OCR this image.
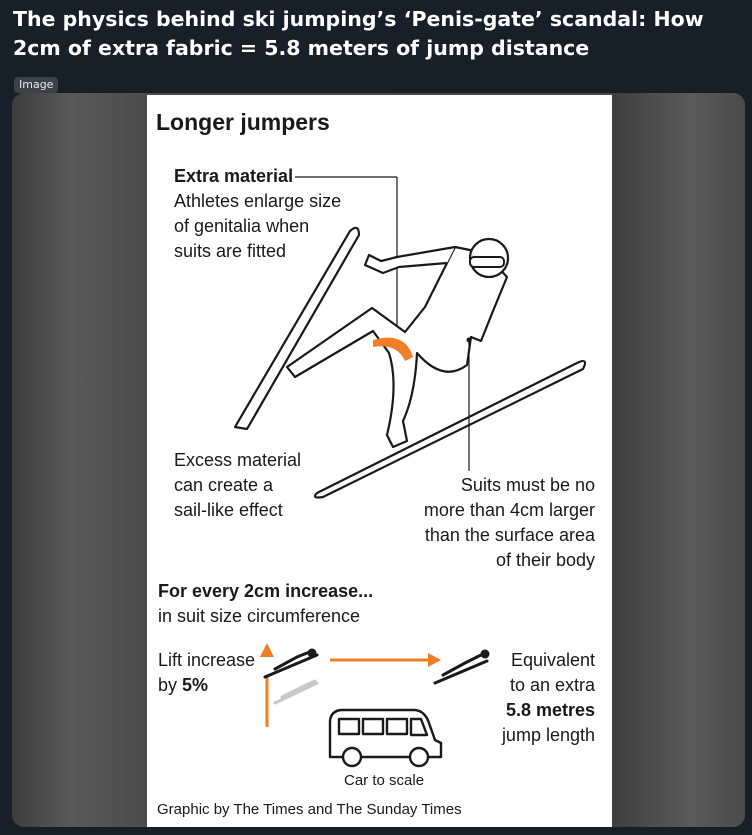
The physics behind ski jumping’s ‘Penis-gate’ scandal: How 2cm of extra fabric = 5.8 meters of jump distance
Image
Longer jumpers
Extra material
Athletes enlarge size
of genitalia when
suits are fitted
Excess material
can create a
sail-like effect
Suits must be no
more than 4cm larger
than the surface area
of their body
For every 2cm increase...
in suit size circumference
Lift increase
by 5%
Equivalent
to an extra
5.8 metres
jump length
Car to scale
Graphic by The Times and The Sunday Times
